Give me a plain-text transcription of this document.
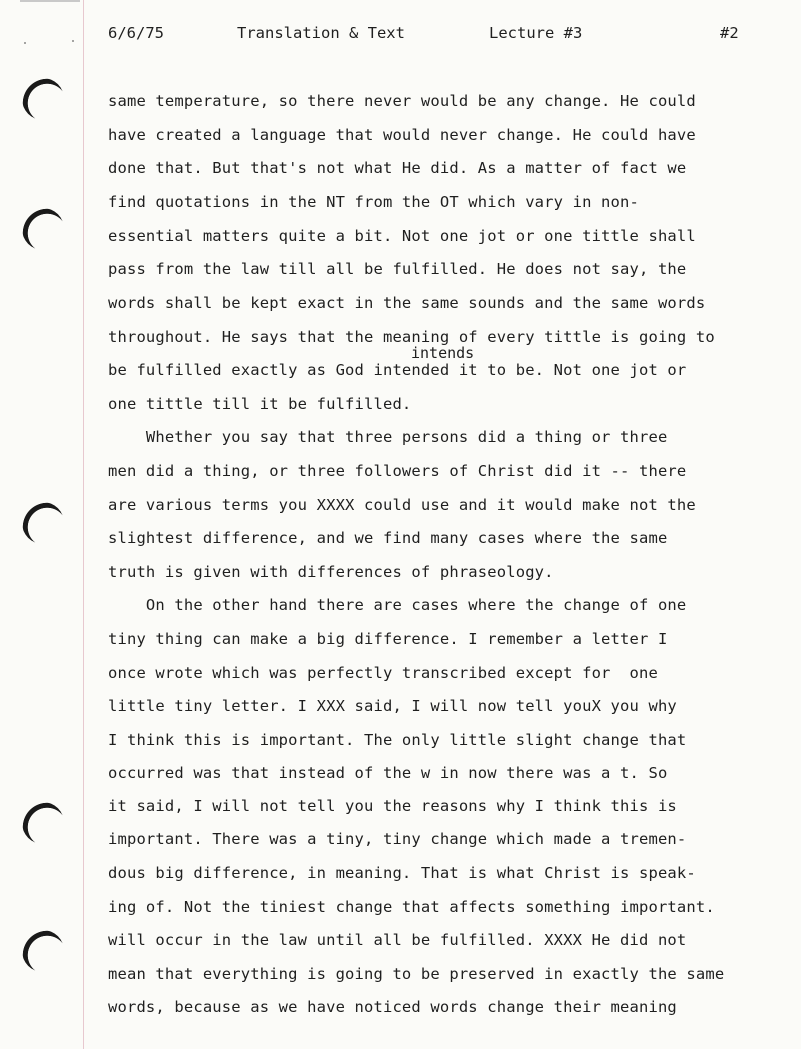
6/6/75

	Translation & Text

	Lecture #3

	#2

same temperature, so there never would be any change. He could
have created a language that would never change. He could have
done that. But that's not what He did. As a matter of fact we
find quotations in the NT from the OT which vary in non-
essential matters quite a bit. Not one jot or one tittle shall
pass from the law till all be fulfilled. He does not say, the
words shall be kept exact in the same sounds and the same words
throughout. He says that the meaning of every tittle is going to
intends
be fulfilled exactly as God intended it to be. Not one jot or
one tittle till it be fulfilled.
Whether you say that three persons did a thing or three
men did a thing, or three followers of Christ did it -- there
are various terms you XXXX could use and it would make not the
slightest difference, and we find many cases where the same
truth is given with differences of phraseology.
On the other hand there are cases where the change of one
tiny thing can make a big difference. I remember a letter I
once wrote which was perfectly transcribed except for  one
little tiny letter. I XXX said, I will now tell youX you why
I think this is important. The only little slight change that
occurred was that instead of the w in now there was a t. So
it said, I will not tell you the reasons why I think this is
important. There was a tiny, tiny change which made a tremen-
dous big difference, in meaning. That is what Christ is speak-
ing of. Not the tiniest change that affects something important.
will occur in the law until all be fulfilled. XXXX He did not
mean that everything is going to be preserved in exactly the same
words, because as we have noticed words change their meaning
